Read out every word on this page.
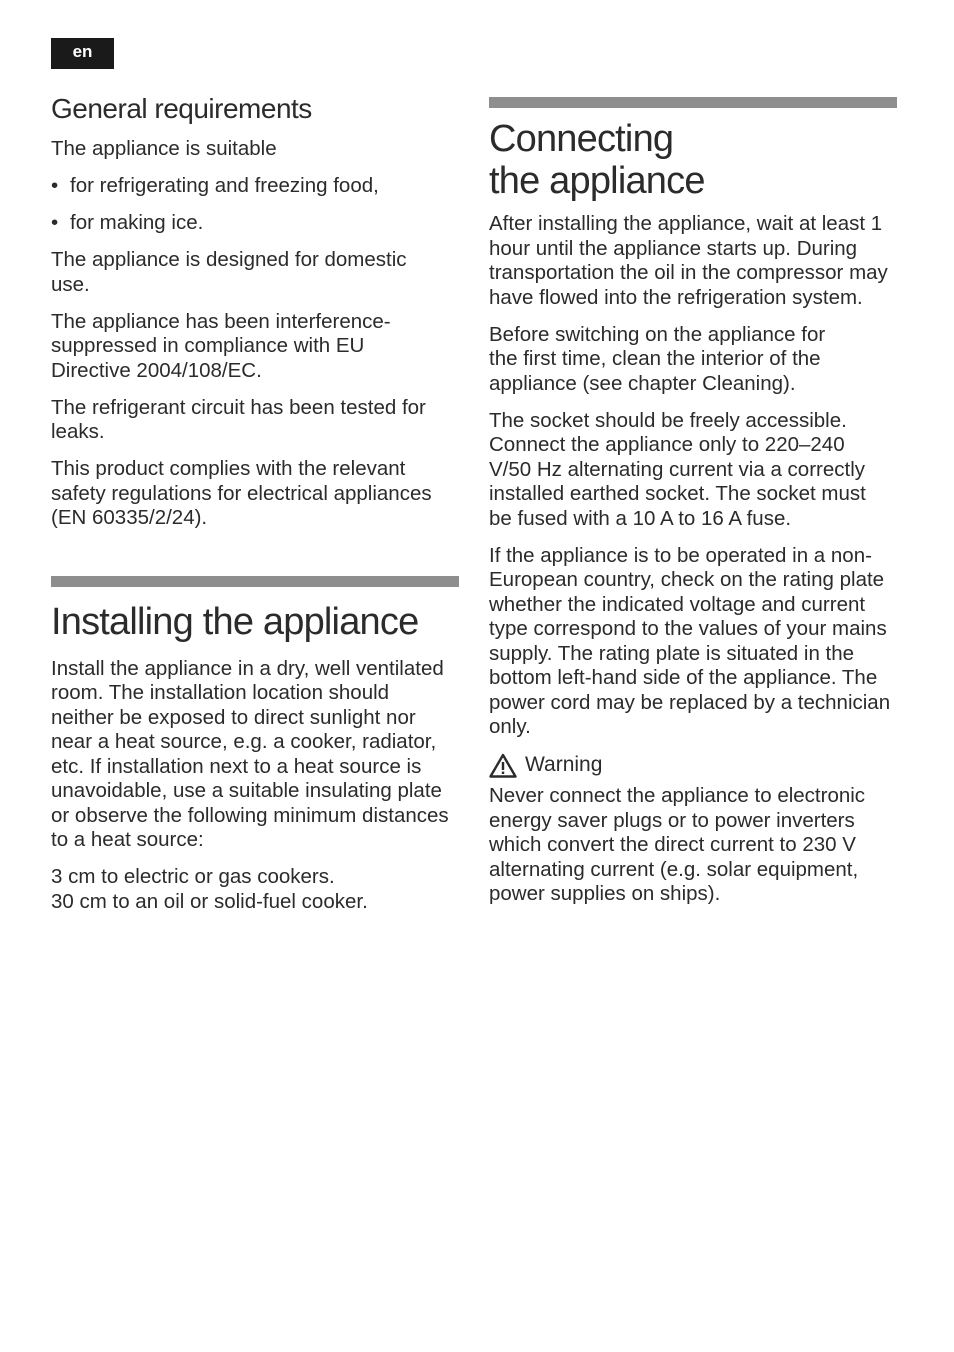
en
General requirements

The appliance is suitable

• for refrigerating and freezing food,
• for making ice.

The appliance is designed for domestic use.

The appliance has been interference-suppressed in compliance with EU Directive 2004/108/EC.

The refrigerant circuit has been tested for leaks.

This product complies with the relevant safety regulations for electrical appliances (EN 60335/2/24).

Installing the appliance

Install the appliance in a dry, well ventilated room. The installation location should neither be exposed to direct sunlight nor near a heat source, e.g. a cooker, radiator, etc. If installation next to a heat source is unavoidable, use a suitable insulating plate or observe the following minimum distances to a heat source:

3 cm to electric or gas cookers.

30 cm to an oil or solid-fuel cooker.

Connecting
the appliance

After installing the appliance, wait at least 1 hour until the appliance starts up. During transportation the oil in the compressor may have flowed into the refrigeration system.

Before switching on the appliance for the first time, clean the interior of the appliance (see chapter Cleaning).

The socket should be freely accessible. Connect the appliance only to 220–240 V/50 Hz alternating current via a correctly installed earthed socket. The socket must be fused with a 10 A to 16 A fuse.

If the appliance is to be operated in a non-European country, check on the rating plate whether the indicated voltage and current type correspond to the values of your mains supply. The rating plate is situated in the bottom left-hand side of the appliance. The power cord may be replaced by a technician only.

Warning

Never connect the appliance to electronic energy saver plugs or to power inverters which convert the direct current to 230 V alternating current (e.g. solar equipment, power supplies on ships).
